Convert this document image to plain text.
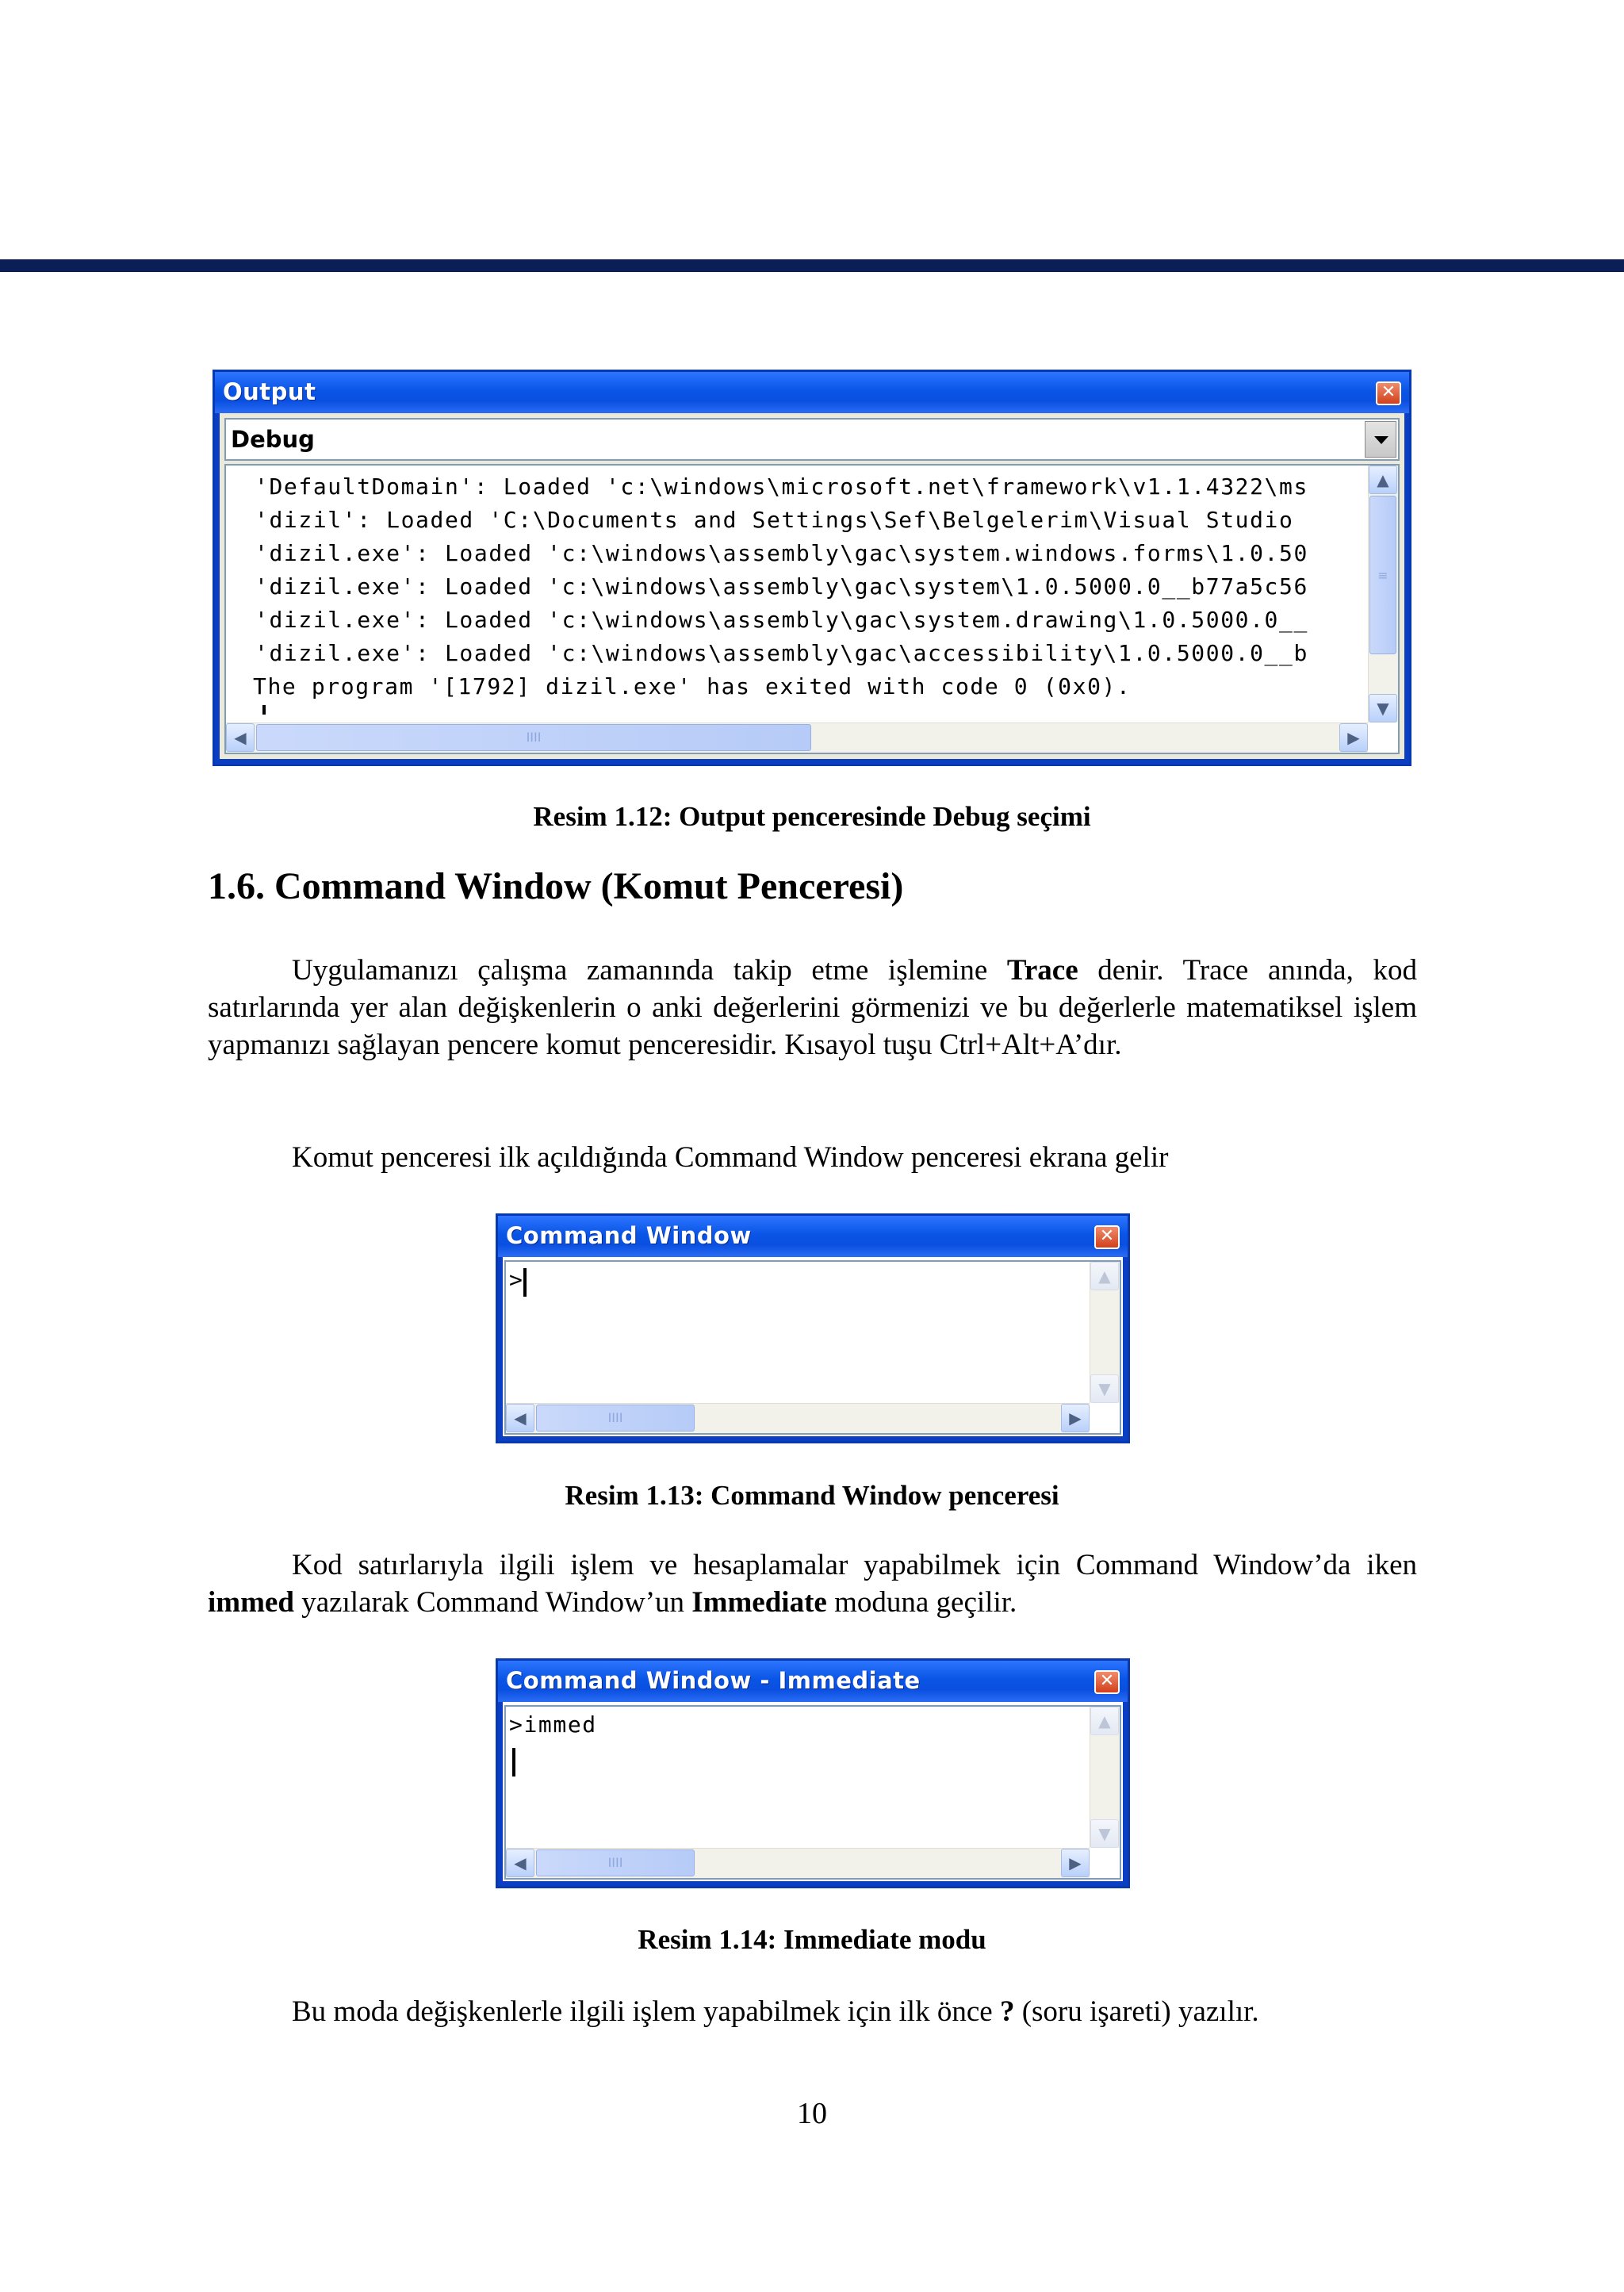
Output	✕
Debug
'DefaultDomain': Loaded 'c:\windows\microsoft.net\framework\v1.1.4322\ms
'dizil': Loaded 'C:\Documents and Settings\Sef\Belgelerim\Visual Studio
'dizil.exe': Loaded 'c:\windows\assembly\gac\system.windows.forms\1.0.50
'dizil.exe': Loaded 'c:\windows\assembly\gac\system\1.0.5000.0__b77a5c56
'dizil.exe': Loaded 'c:\windows\assembly\gac\system.drawing\1.0.5000.0__
'dizil.exe': Loaded 'c:\windows\assembly\gac\accessibility\1.0.5000.0__b
The program '[1792] dizil.exe' has exited with code 0 (0x0).
▲
≡
▼
◀	IIII	▶
Resim 1.12: Output penceresinde Debug seçimi
1.6. Command Window (Komut Penceresi)

Uygulamanızı çalışma zamanında takip etme işlemine Trace denir. Trace anında, kod satırlarında yer alan değişkenlerin o anki değerlerini görmenizi ve bu değerlerle matematiksel işlem yapmanızı sağlayan pencere komut penceresidir. Kısayol tuşu Ctrl+Alt+A’dır.

Komut penceresi ilk açıldığında Command Window penceresi ekrana gelir

Command Window	✕
>	▲
▼
◀	IIII	▶
Resim 1.13: Command Window penceresi

Kod satırlarıyla ilgili işlem ve hesaplamalar yapabilmek için Command Window’da iken immed yazılarak Command Window’un Immediate moduna geçilir.

Command Window - Immediate	✕
>immed	▲
▼
◀	IIII	▶
Resim 1.14: Immediate modu

Bu moda değişkenlerle ilgili işlem yapabilmek için ilk önce ? (soru işareti) yazılır.

10
